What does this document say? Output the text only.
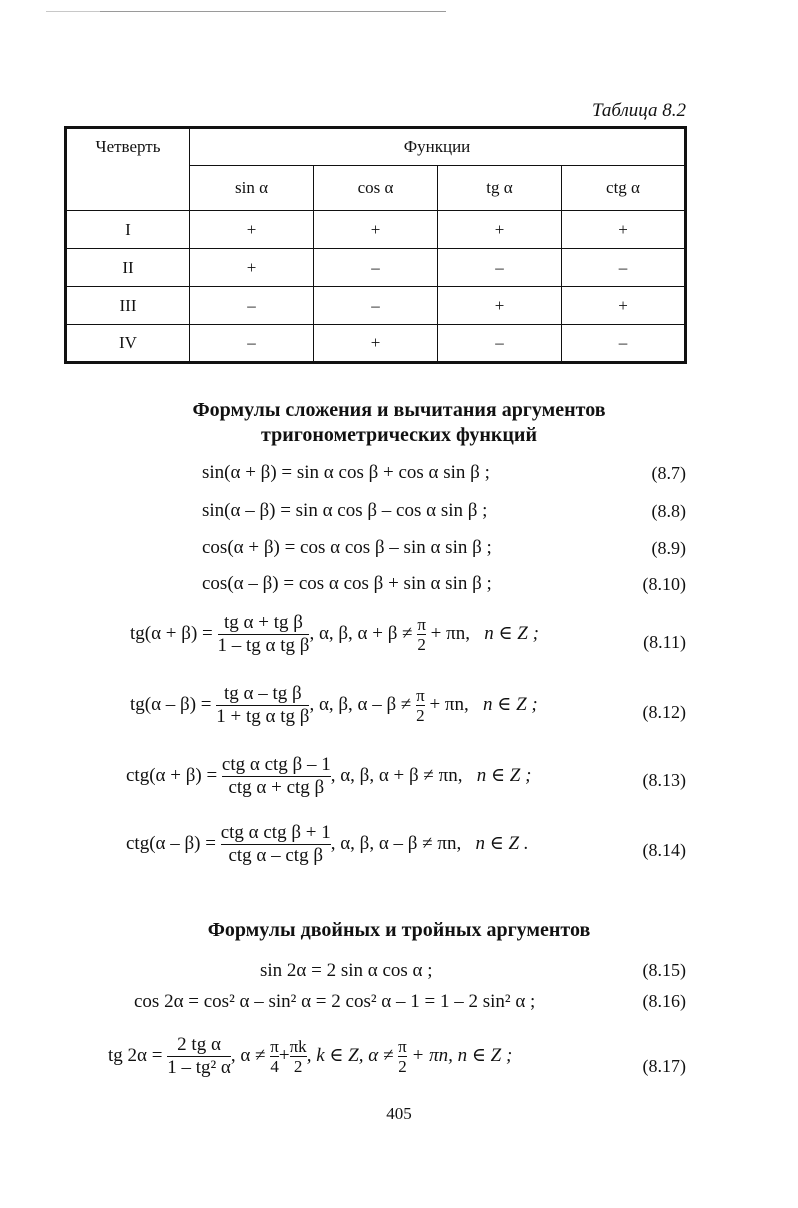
Таблица 8.2
Четверть	Функции			
	sin α	cos α	tg α	ctg α
I	+	+	+	+
II	+	–	–	–
III	–	–	+	+
IV	–	+	–	–
Формулы сложения и вычитания аргументов
тригонометрических функций
sin(α + β) = sin α cos β + cos α sin β ;	(8.7)
sin(α – β) = sin α cos β – cos α sin β ;	(8.8)
cos(α + β) = cos α cos β – sin α sin β ;	(8.9)
cos(α – β) = cos α cos β + sin α sin β ;	(8.10)
$tg(\alpha + \beta) = \frac{\text{tg α + tg β}}{\text{1 – tg α tg β}}$ , α, β, $\alpha + \beta \ne \frac{\pi}{2} + \pi n$, n ∈ Z ;	(8.11)
$tg(\alpha - \beta) = \frac{\text{tg α – tg β}}{\text{1 + tg α tg β}}$ , α, β, $\alpha - \beta \ne \frac{\pi}{2} + \pi n$, n ∈ Z ;	(8.12)
$ctg(\alpha + \beta) = \frac{\text{ctg α ctg β – 1}}{\text{ctg α + ctg β}}$ , α, β, α + β ≠ πn, n ∈ Z ;	(8.13)
$ctg(\alpha - \beta) = \frac{\text{ctg α ctg β + 1}}{\text{ctg α – ctg β}}$ , α, β, α – β ≠ πn, n ∈ Z .	(8.14)
Формулы двойных и тройных аргументов
sin 2α = 2 sin α cos α ;	(8.15)
cos 2α = cos² α – sin² α = 2 cos² α – 1 = 1 – 2 sin² α ;	(8.16)
tg $2\alpha = \frac{\text{2 tg α}}{\text{1 – tg² α}}$ , $\alpha \ne \frac{\pi}{4} + \frac{\pi k}{2}$ , k ∈ Z, $\alpha \ne \frac{\pi}{2} + \pi n$, n ∈ Z ;
(8.17)
405
